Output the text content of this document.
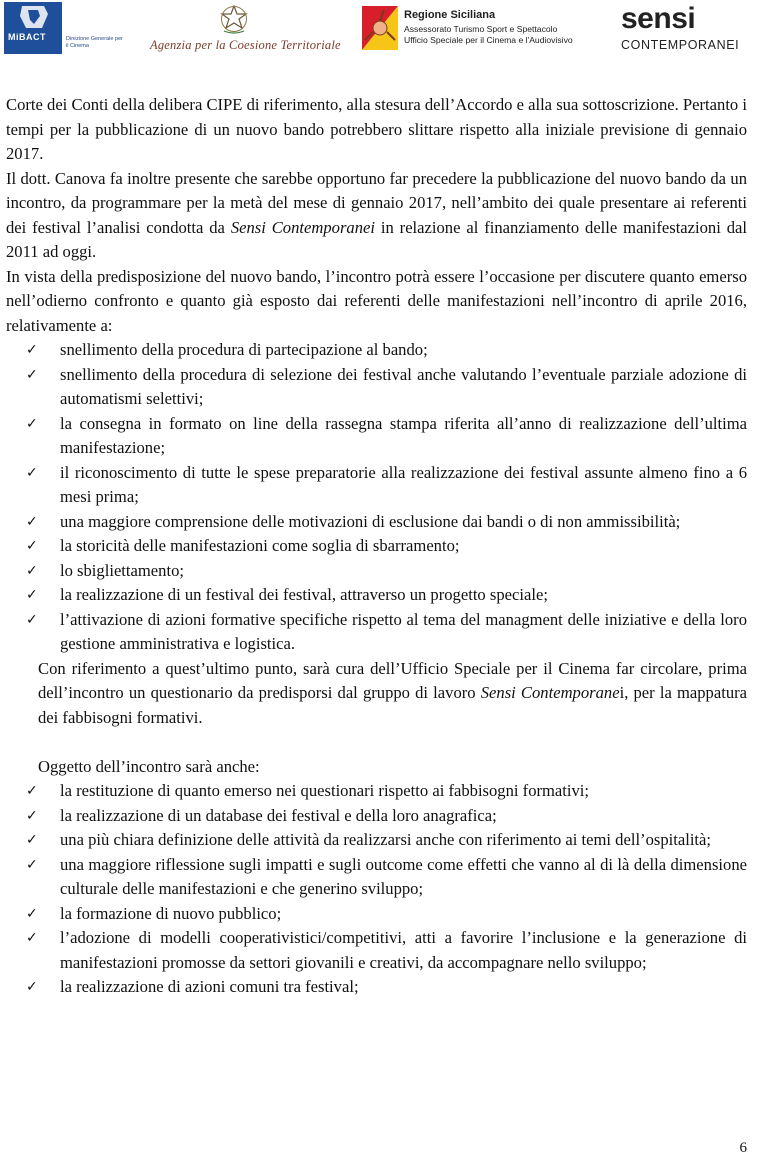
MiBACT	Direzione Generale per il Cinema	Agenzia per la Coesione Territoriale
Regione Siciliana
Assessorato Turismo Sport e Spettacolo
Ufficio Speciale per il Cinema e l'Audiovisivo
sensi
CONTEMPORANEI

Corte dei Conti della delibera CIPE di riferimento, alla stesura dell’Accordo e alla sua sottoscrizione. Pertanto i tempi per la pubblicazione di un nuovo bando potrebbero slittare rispetto alla iniziale previsione di gennaio 2017.

Il dott. Canova fa inoltre presente che sarebbe opportuno far precedere la pubblicazione del nuovo bando da un incontro, da programmare per la metà del mese di gennaio 2017, nell’ambito dei quale presentare ai referenti dei festival l’analisi condotta da Sensi Contemporanei in relazione al finanziamento delle manifestazioni dal 2011 ad oggi.

In vista della predisposizione del nuovo bando, l’incontro potrà essere l’occasione per discutere quanto emerso nell’odierno confronto e quanto già esposto dai referenti delle manifestazioni nell’incontro di aprile 2016, relativamente a:

✓ snellimento della procedura di partecipazione al bando;
✓ snellimento della procedura di selezione dei festival anche valutando l’eventuale parziale adozione di automatismi selettivi;
✓ la consegna in formato on line della rassegna stampa riferita all’anno di realizzazione dell’ultima manifestazione;
✓ il riconoscimento di tutte le spese preparatorie alla realizzazione dei festival assunte almeno fino a 6 mesi prima;
✓ una maggiore comprensione delle motivazioni di esclusione dai bandi o di non ammissibilità;
✓ la storicità delle manifestazioni come soglia di sbarramento;
✓ lo sbigliettamento;
✓ la realizzazione di un festival dei festival, attraverso un progetto speciale;
✓ l’attivazione di azioni formative specifiche rispetto al tema del managment delle iniziative e della loro gestione amministrativa e logistica.

Con riferimento a quest’ultimo punto, sarà cura dell’Ufficio Speciale per il Cinema far circolare, prima dell’incontro un questionario da predisporsi dal gruppo di lavoro Sensi Contemporanei, per la mappatura dei fabbisogni formativi.

Oggetto dell’incontro sarà anche:

✓ la restituzione di quanto emerso nei questionari rispetto ai fabbisogni formativi;
✓ la realizzazione di un database dei festival e della loro anagrafica;
✓ una più chiara definizione delle attività da realizzarsi anche con riferimento ai temi dell’ospitalità;
✓ una maggiore riflessione sugli impatti e sugli outcome come effetti che vanno al di là della dimensione culturale delle manifestazioni e che generino sviluppo;
✓ la formazione di nuovo pubblico;
✓ l’adozione di modelli cooperativistici/competitivi, atti a favorire l’inclusione e la generazione di manifestazioni promosse da settori giovanili e creativi, da accompagnare nello sviluppo;
✓ la realizzazione di azioni comuni tra festival;
6
